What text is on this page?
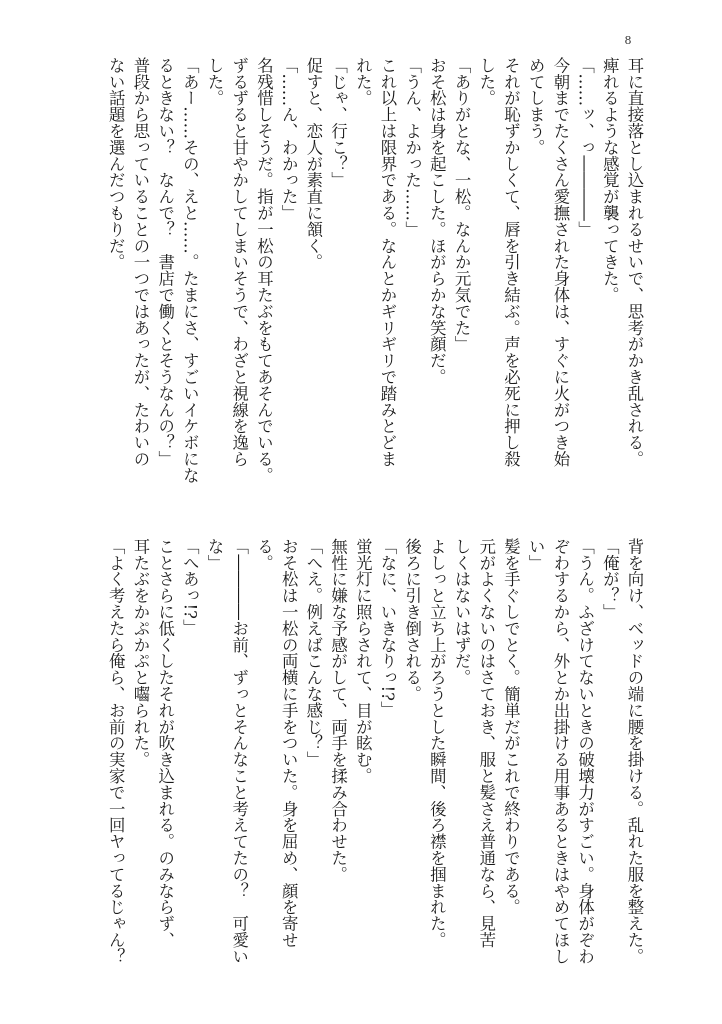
8

耳に直接落とし込まれるせいで、思考がかき乱される。

痺れるような感覚が襲ってきた。

「……ッ、っ――――」

今朝までたくさん愛撫された身体は、すぐに火がつき始

めてしまう。

それが恥ずかしくて、唇を引き結ぶ。声を必死に押し殺

した。

「ありがとな、一松。なんか元気でた」

おそ松は身を起こした。ほがらかな笑顔だ。

「うん、よかった……」

これ以上は限界である。なんとかギリギリで踏みとどま

れた。

「じゃ、行こ？」

促すと、恋人が素直に頷く。

「……ん、わかった」

名残惜しそうだ。指が一松の耳たぶをもてあそんでいる。

ずるずると甘やかしてしまいそうで、わざと視線を逸ら

した。

「あー……その、えと……。たまにさ、すごいイケボにな

るときない？　なんで？　書店で働くとそうなんの？」

普段から思っていることの一つではあったが、たわいの

ない話題を選んだつもりだ。

背を向け、ベッドの端に腰を掛ける。乱れた服を整えた。

「俺が？」

「うん。ふざけてないときの破壊力がすごい。身体がぞわ

ぞわするから、外とか出掛ける用事あるときはやめてほし

い」

髪を手ぐしでとく。簡単だがこれで終わりである。

元がよくないのはさておき、服と髪さえ普通なら、見苦

しくはないはずだ。

よしっと立ち上がろうとした瞬間、後ろ襟を掴まれた。

後ろに引き倒される。

「なに、いきなりっ!?」

蛍光灯に照らされて、目が眩む。

無性に嫌な予感がして、両手を揉み合わせた。

「へえ。例えばこんな感じ？」

おそ松は一松の両横に手をついた。身を屈め、顔を寄せ

る。

「――――お前、ずっとそんなこと考えてたの？　可愛い

な」

「へあっ!?」

ことさらに低くしたそれが吹き込まれる。のみならず、

耳たぶをかぷかぷと囓られた。

「よく考えたら俺ら、お前の実家で一回ヤってるじゃん？
